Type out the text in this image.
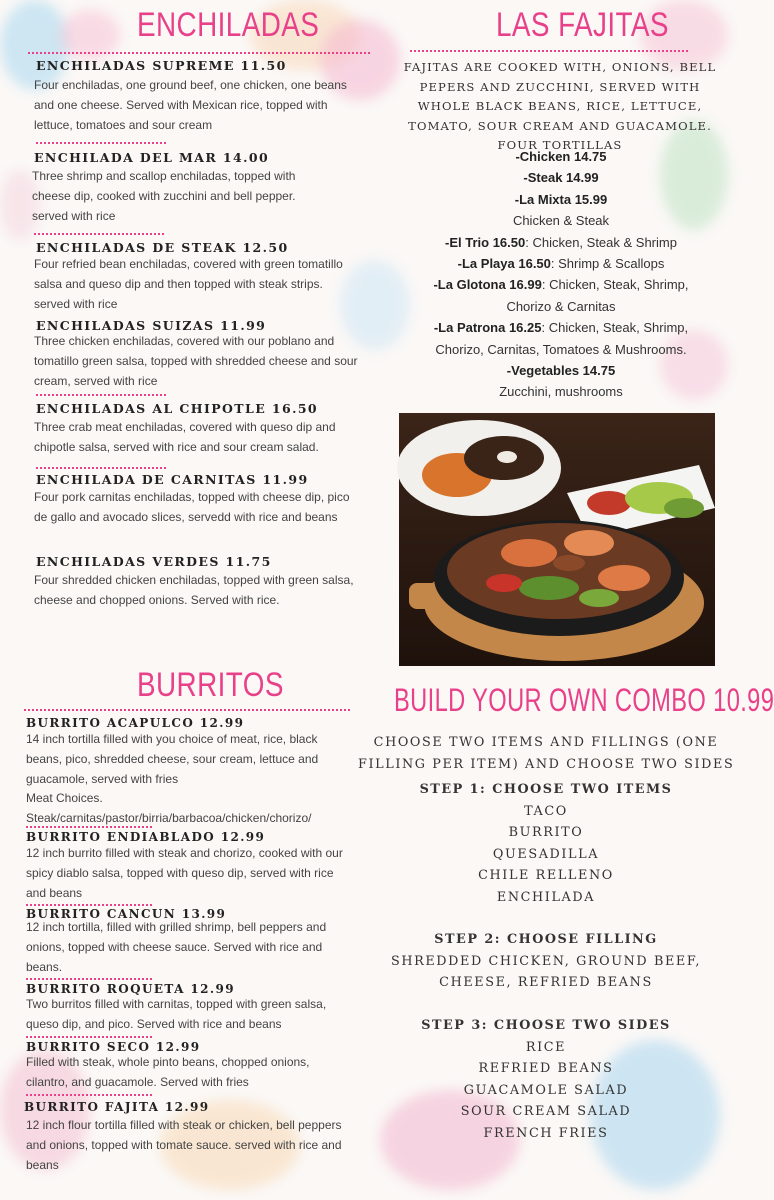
ENCHILADAS
ENCHILADAS SUPREME 11.50
Four enchiladas, one ground beef, one chicken, one beans and one cheese. Served with Mexican rice, topped with lettuce, tomatoes and sour cream
ENCHILADA DEL MAR 14.00
Three shrimp and scallop enchiladas, topped with cheese dip, cooked with zucchini and bell pepper. served with rice
ENCHILADAS DE STEAK 12.50
Four refried bean enchiladas, covered with green tomatillo salsa and queso dip and then topped with steak strips. served with rice
ENCHILADAS SUIZAS 11.99
Three chicken enchiladas, covered with our poblano and tomatillo green salsa, topped with shredded cheese and sour cream, served with rice
ENCHILADAS AL CHIPOTLE 16.50
Three crab meat enchiladas, covered with queso dip and chipotle salsa, served with rice and sour cream salad.
ENCHILADA DE CARNITAS 11.99
Four pork carnitas enchiladas, topped with cheese dip, pico de gallo and avocado slices, servedd with rice and beans
ENCHILADAS VERDES 11.75
Four shredded chicken enchiladas, topped with green salsa, cheese and chopped onions. Served with rice.
LAS FAJITAS
FAJITAS ARE COOKED WITH, ONIONS, BELL PEPERS AND ZUCCHINI, SERVED WITH WHOLE BLACK BEANS, RICE, LETTUCE, TOMATO, SOUR CREAM AND GUACAMOLE. FOUR TORTILLAS
-Chicken 14.75
-Steak 14.99
-La Mixta 15.99
Chicken & Steak
-El Trio 16.50: Chicken, Steak & Shrimp
-La Playa 16.50: Shrimp & Scallops
-La Glotona 16.99: Chicken, Steak, Shrimp,
Chorizo & Carnitas
-La Patrona 16.25: Chicken, Steak, Shrimp,
Chorizo, Carnitas, Tomatoes & Mushrooms.
-Vegetables 14.75
Zucchini, mushrooms
BURRITOS
BURRITO ACAPULCO 12.99
14 inch tortilla filled with you choice of meat, rice, black beans, pico, shredded cheese, sour cream, lettuce and guacamole, served with fries
Meat Choices.
Steak/carnitas/pastor/birria/barbacoa/chicken/chorizo/
BURRITO ENDIABLADO 12.99
12 inch burrito filled with steak and chorizo, cooked with our spicy diablo salsa, topped with queso dip, served with rice and beans
BURRITO CANCUN 13.99
12 inch tortilla, filled with grilled shrimp, bell peppers and onions, topped with cheese sauce. Served with rice and beans.
BURRITO ROQUETA 12.99
Two burritos filled with carnitas, topped with green salsa, queso dip, and pico. Served with rice and beans
BURRITO SECO 12.99
Filled with steak, whole pinto beans, chopped onions, cilantro, and guacamole. Served with fries
BURRITO FAJITA 12.99
12 inch flour tortilla filled with steak or chicken, bell peppers and onions, topped with tomate sauce. served with rice and beans
BUILD YOUR OWN COMBO 10.99
CHOOSE TWO ITEMS AND FILLINGS (ONE
FILLING PER ITEM) AND CHOOSE TWO SIDES
STEP 1: CHOOSE TWO ITEMS
TACO
BURRITO
QUESADILLA
CHILE RELLENO
ENCHILADA
STEP 2: CHOOSE FILLING
SHREDDED CHICKEN, GROUND BEEF,
CHEESE, REFRIED BEANS
STEP 3: CHOOSE TWO SIDES
RICE
REFRIED BEANS
GUACAMOLE SALAD
SOUR CREAM SALAD
FRENCH FRIES
